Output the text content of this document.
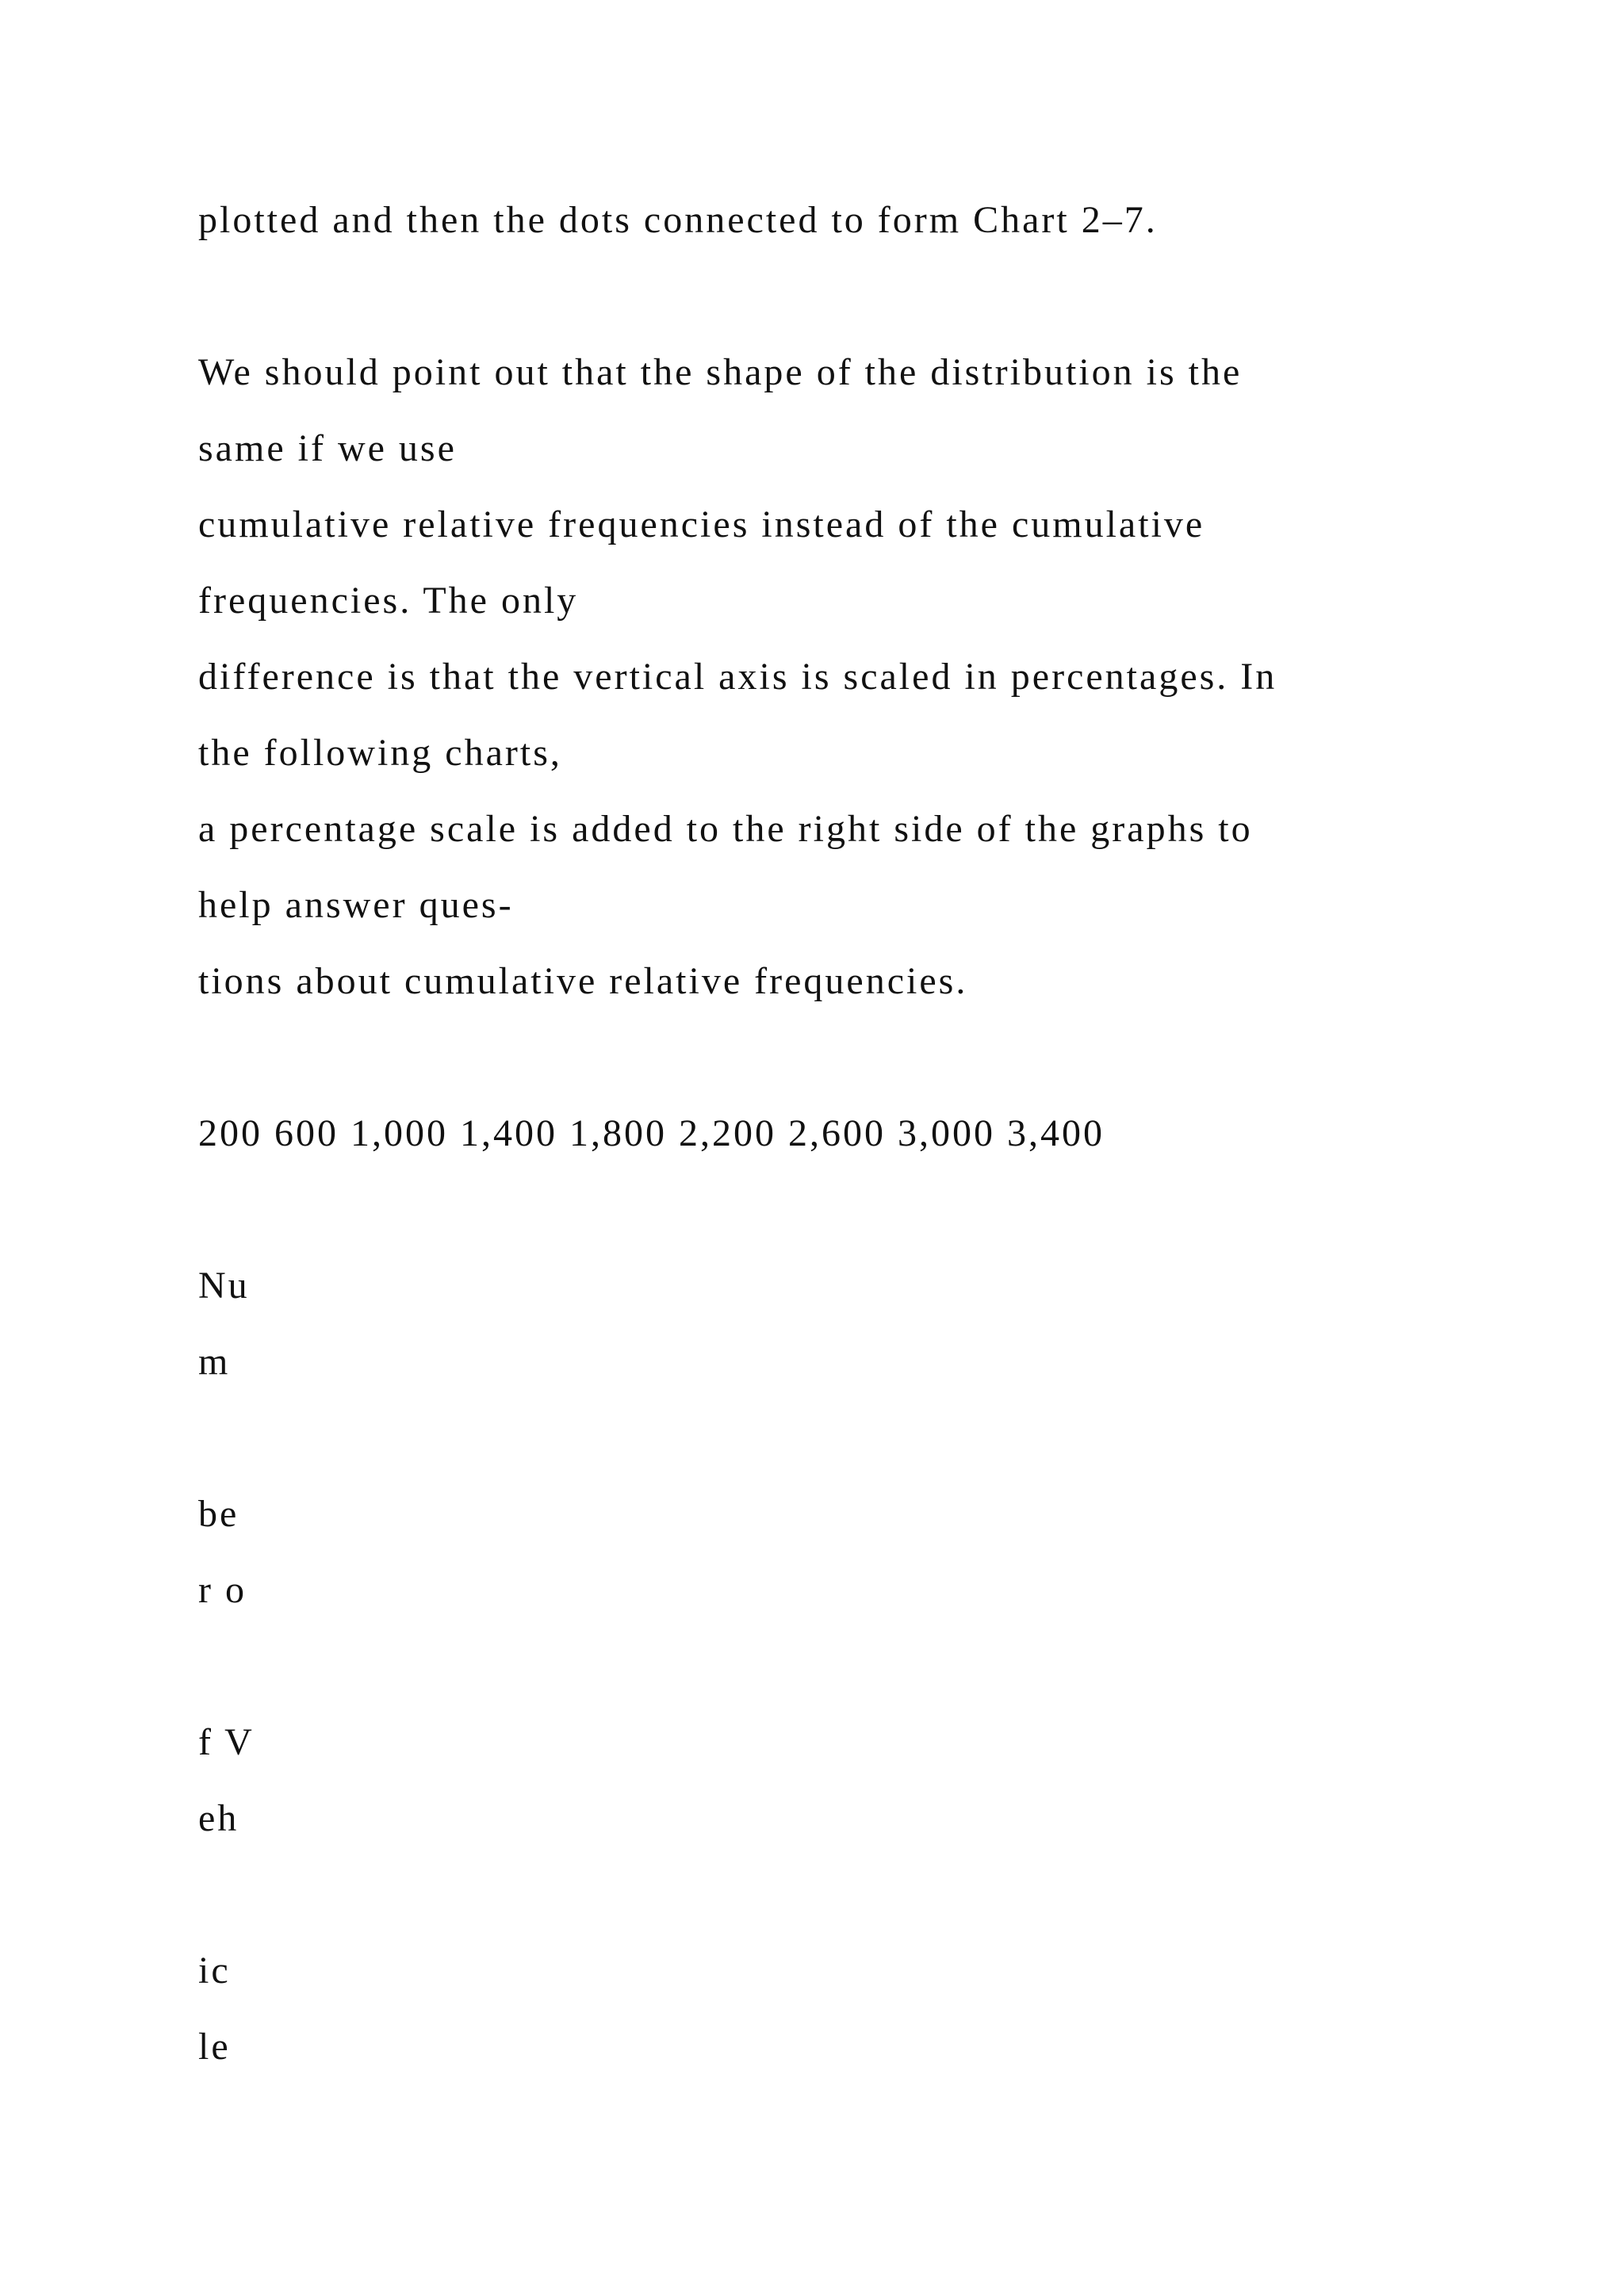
plotted and then the dots connected to form Chart 2–7.
We should point out that the shape of the distribution is the
same if we use
cumulative relative frequencies instead of the cumulative
frequencies. The only
difference is that the vertical axis is scaled in percentages. In
the following charts,
a percentage scale is added to the right side of the graphs to
help answer ques-
tions about cumulative relative frequencies.
200 600 1,000 1,400 1,800 2,200 2,600 3,000 3,400
Nu
m
be
r o
f V
eh
ic
le
